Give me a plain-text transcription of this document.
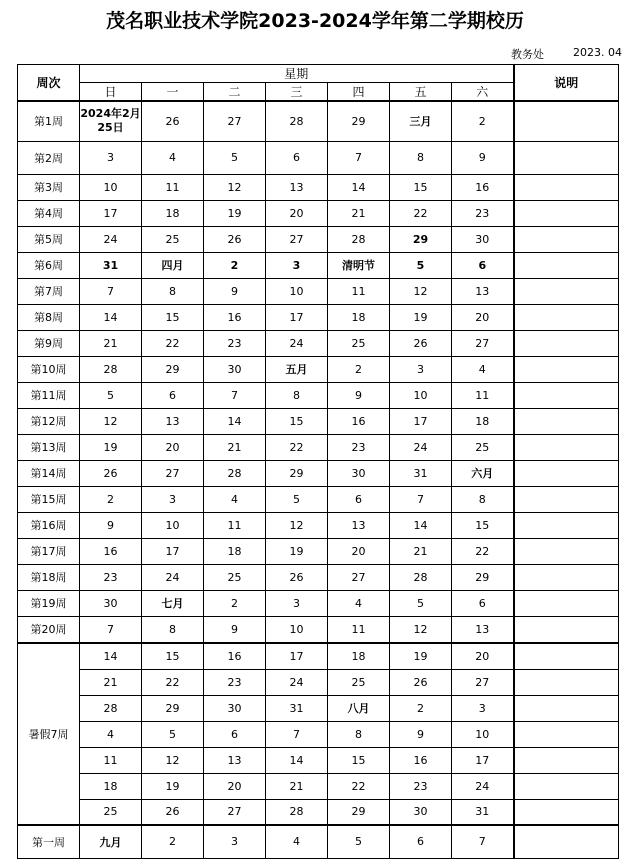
茂名职业技术学院2023-2024学年第二学期校历
教务处	2023. 04
周次	星期							说明
	日	一	二	三	四	五	六	
第1周	2024年2月25日	26	27	28	29	三月	2	
第2周	3	4	5	6	7	8	9	
第3周	10	11	12	13	14	15	16	
第4周	17	18	19	20	21	22	23	
第5周	24	25	26	27	28	29	30	
第6周	31	四月	2	3	清明节	5	6	
第7周	7	8	9	10	11	12	13	
第8周	14	15	16	17	18	19	20	
第9周	21	22	23	24	25	26	27	
第10周	28	29	30	五月	2	3	4	
第11周	5	6	7	8	9	10	11	
第12周	12	13	14	15	16	17	18	
第13周	19	20	21	22	23	24	25	
第14周	26	27	28	29	30	31	六月	
第15周	2	3	4	5	6	7	8	
第16周	9	10	11	12	13	14	15	
第17周	16	17	18	19	20	21	22	
第18周	23	24	25	26	27	28	29	
第19周	30	七月	2	3	4	5	6	
第20周	7	8	9	10	11	12	13	
暑假7周	14	15	16	17	18	19	20	
	21	22	23	24	25	26	27	
	28	29	30	31	八月	2	3	
	4	5	6	7	8	9	10	
	11	12	13	14	15	16	17	
	18	19	20	21	22	23	24	
	25	26	27	28	29	30	31	
第一周	九月	2	3	4	5	6	7	
